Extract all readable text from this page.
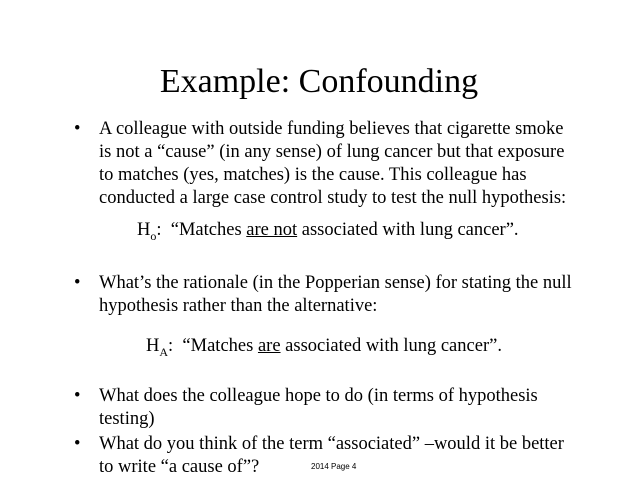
Example: Confounding
• A colleague with outside funding believes that cigarette smoke
is not a “cause” (in any sense) of lung cancer but that exposure
to matches (yes, matches) is the cause. This colleague has
conducted a large case control study to test the null hypothesis:
$H_o$:  “Matches are not associated with lung cancer”.
• What’s the rationale (in the Popperian sense) for stating the null
hypothesis rather than the alternative:
$H_A$:  “Matches are associated with lung cancer”.
• What does the colleague hope to do (in terms of hypothesis
testing)
• What do you think of the term “associated” –would it be better
to write “a cause of”?	2014 Page 4
